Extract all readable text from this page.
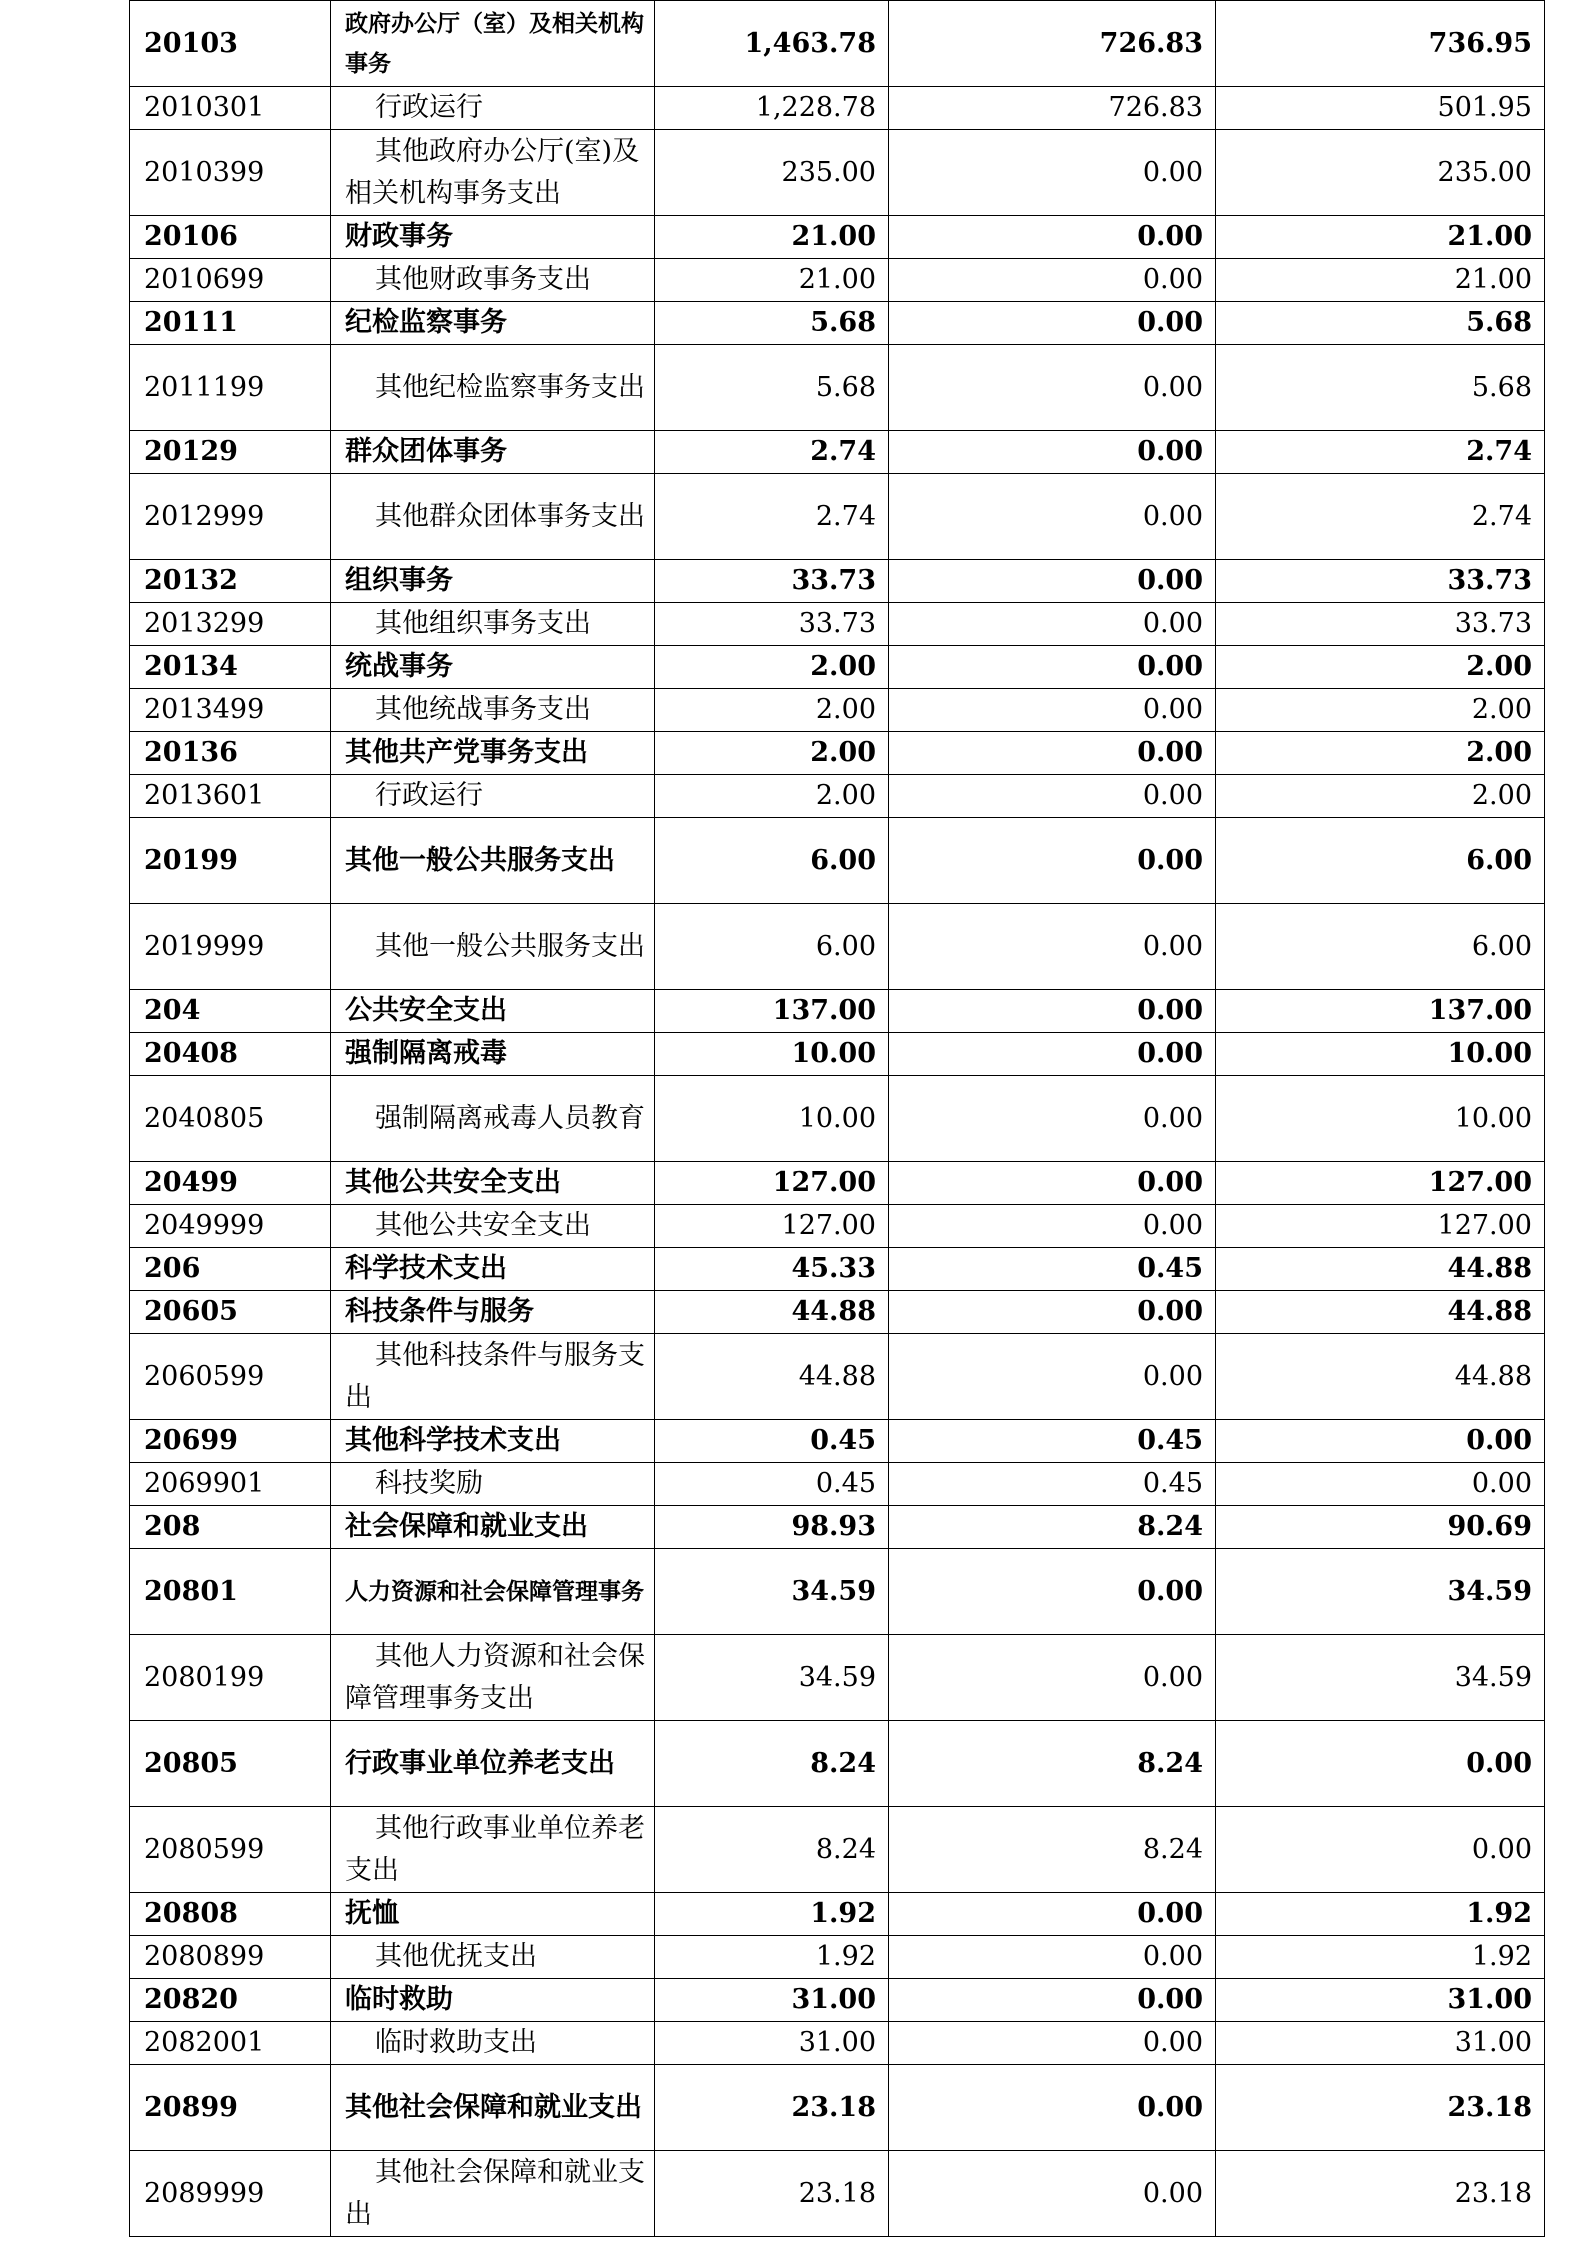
20103	政府办公厅（室）及相关机构事务	1,463.78	726.83	736.95
2010301	行政运行	1,228.78	726.83	501.95
2010399	其他政府办公厅(室)及相关机构事务支出	235.00	0.00	235.00
20106	财政事务	21.00	0.00	21.00
2010699	其他财政事务支出	21.00	0.00	21.00
20111	纪检监察事务	5.68	0.00	5.68
2011199	其他纪检监察事务支出	5.68	0.00	5.68
20129	群众团体事务	2.74	0.00	2.74
2012999	其他群众团体事务支出	2.74	0.00	2.74
20132	组织事务	33.73	0.00	33.73
2013299	其他组织事务支出	33.73	0.00	33.73
20134	统战事务	2.00	0.00	2.00
2013499	其他统战事务支出	2.00	0.00	2.00
20136	其他共产党事务支出	2.00	0.00	2.00
2013601	行政运行	2.00	0.00	2.00
20199	其他一般公共服务支出	6.00	0.00	6.00
2019999	其他一般公共服务支出	6.00	0.00	6.00
204	公共安全支出	137.00	0.00	137.00
20408	强制隔离戒毒	10.00	0.00	10.00
2040805	强制隔离戒毒人员教育	10.00	0.00	10.00
20499	其他公共安全支出	127.00	0.00	127.00
2049999	其他公共安全支出	127.00	0.00	127.00
206	科学技术支出	45.33	0.45	44.88
20605	科技条件与服务	44.88	0.00	44.88
2060599	其他科技条件与服务支出	44.88	0.00	44.88
20699	其他科学技术支出	0.45	0.45	0.00
2069901	科技奖励	0.45	0.45	0.00
208	社会保障和就业支出	98.93	8.24	90.69
20801	人力资源和社会保障管理事务	34.59	0.00	34.59
2080199	其他人力资源和社会保障管理事务支出	34.59	0.00	34.59
20805	行政事业单位养老支出	8.24	8.24	0.00
2080599	其他行政事业单位养老支出	8.24	8.24	0.00
20808	抚恤	1.92	0.00	1.92
2080899	其他优抚支出	1.92	0.00	1.92
20820	临时救助	31.00	0.00	31.00
2082001	临时救助支出	31.00	0.00	31.00
20899	其他社会保障和就业支出	23.18	0.00	23.18
2089999	其他社会保障和就业支出	23.18	0.00	23.18
